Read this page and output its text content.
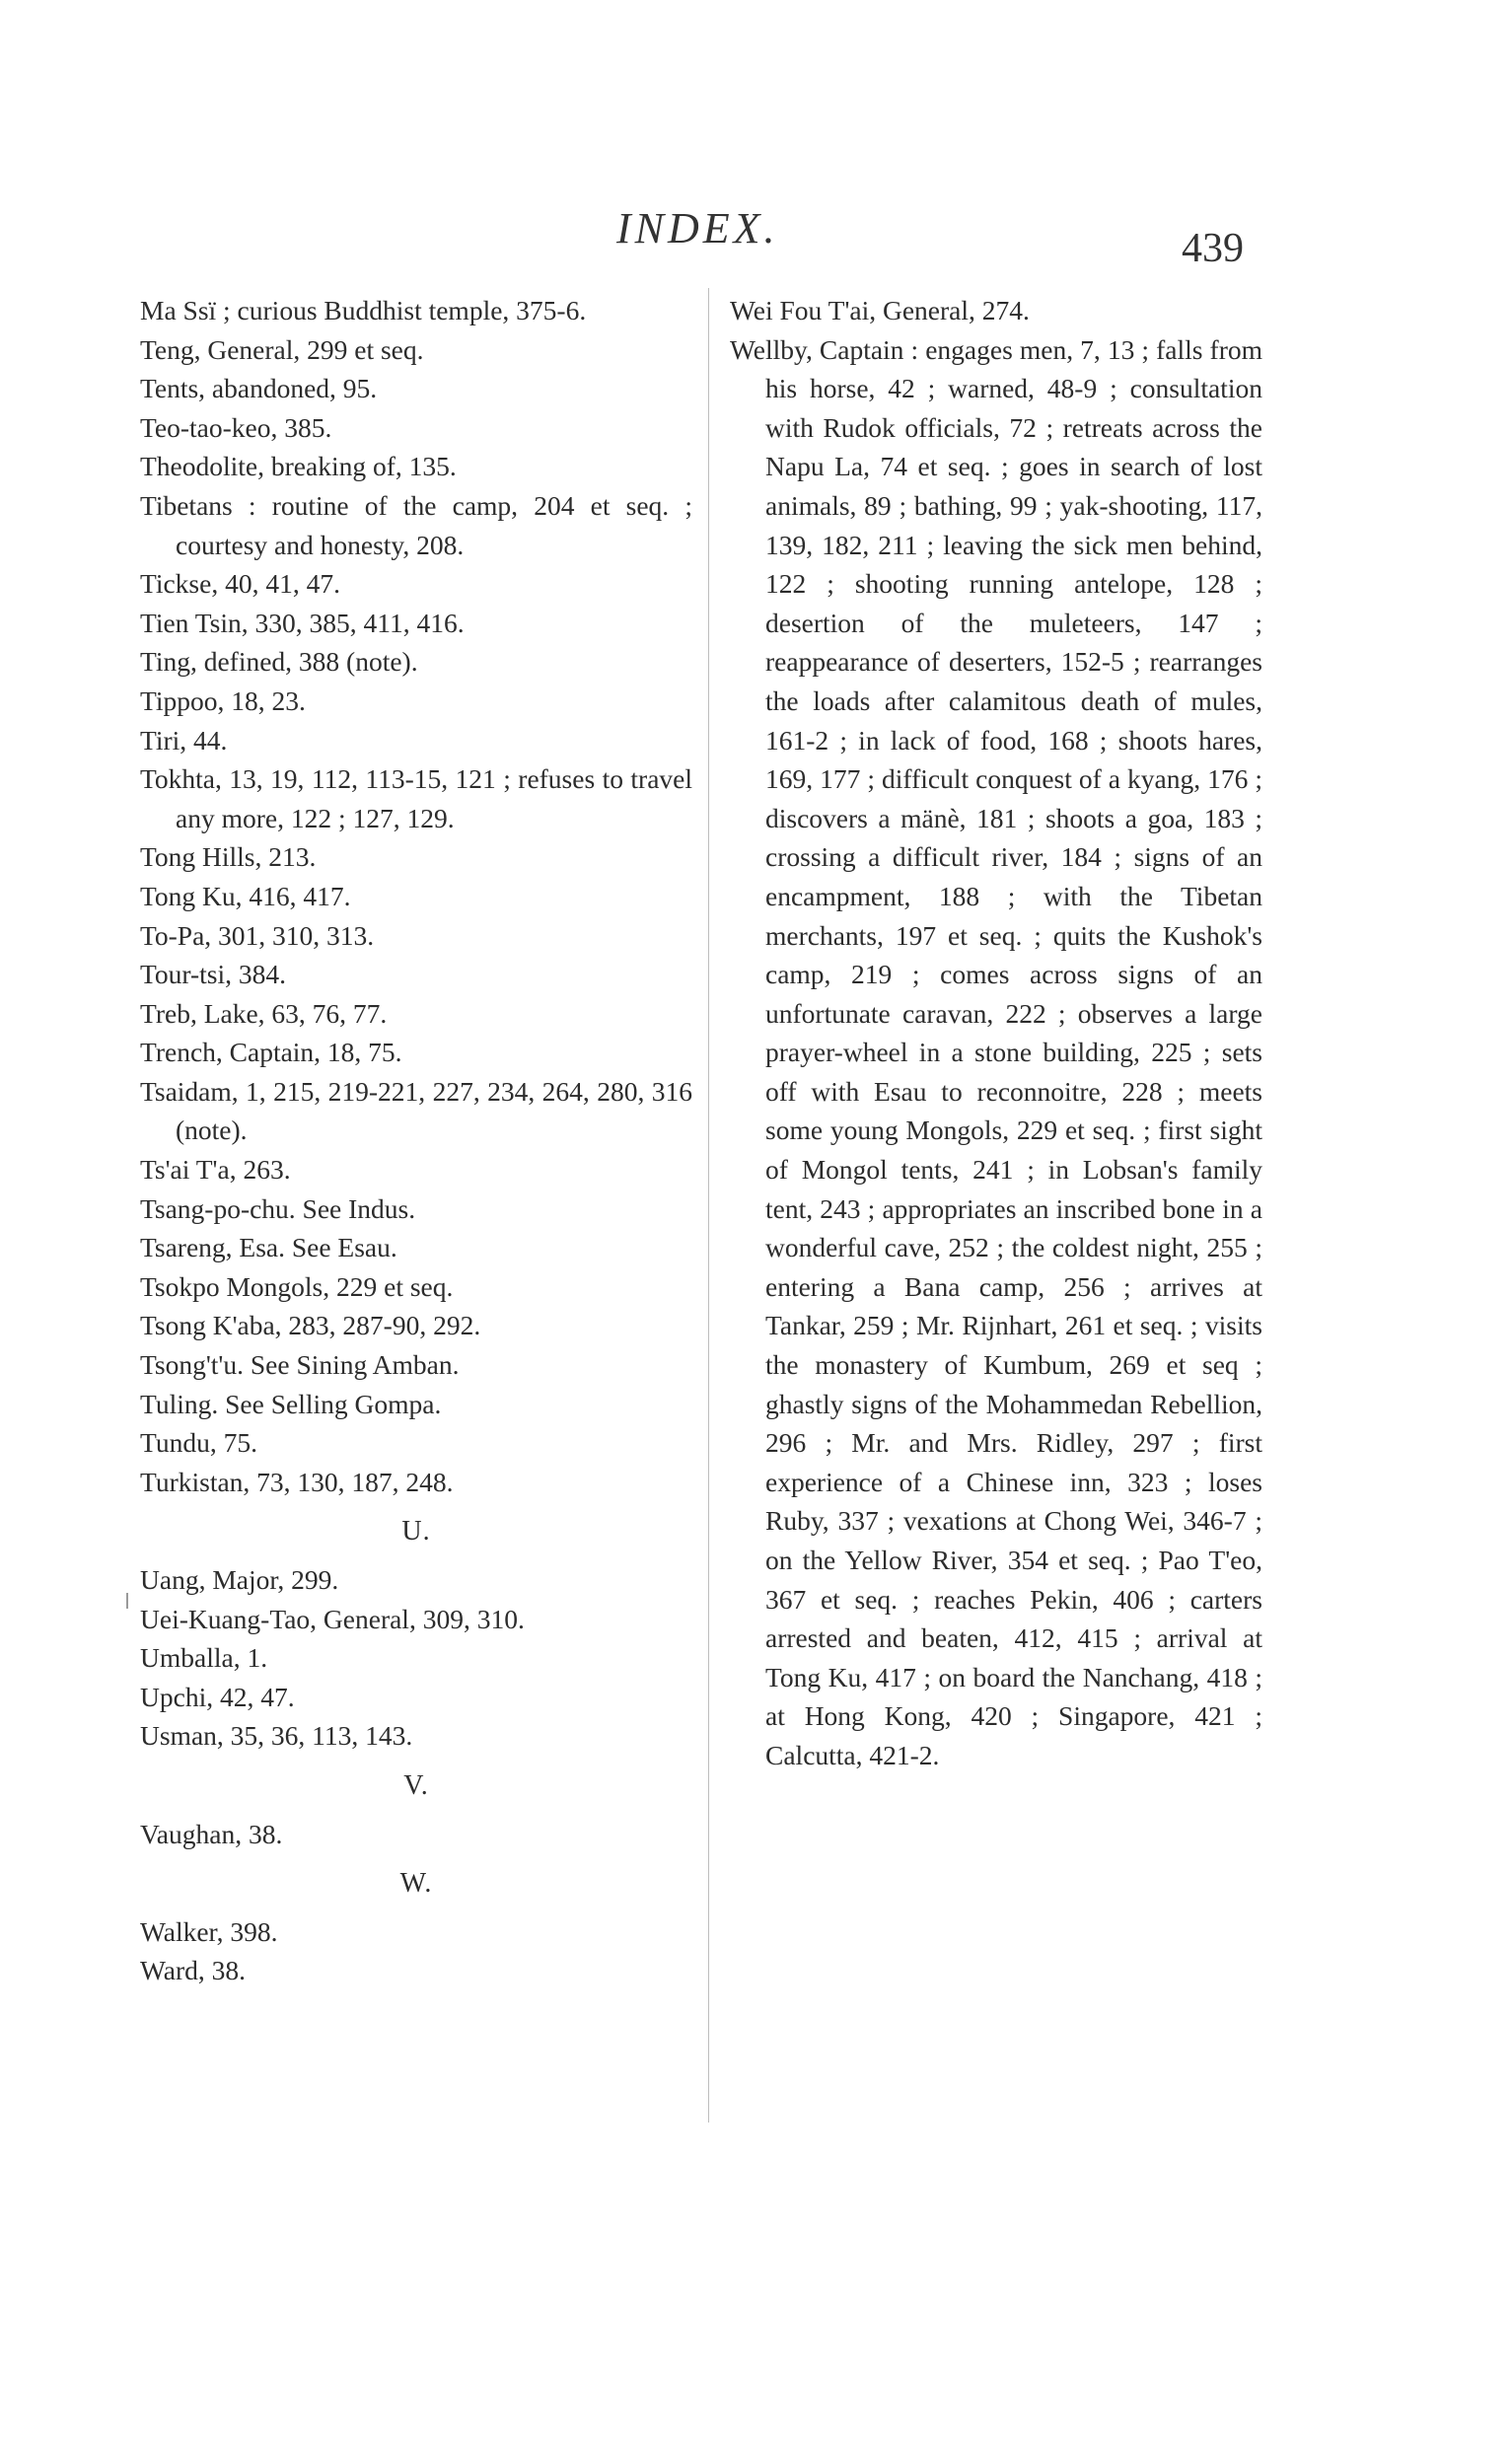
INDEX.	439
Ma Ssï ; curious Buddhist temple, 375-6.
Teng, General, 299 et seq.
Tents, abandoned, 95.
Teo-tao-keo, 385.
Theodolite, breaking of, 135.
Tibetans : routine of the camp, 204 et seq. ; courtesy and honesty, 208.
Tickse, 40, 41, 47.
Tien Tsin, 330, 385, 411, 416.
Ting, defined, 388 (note).
Tippoo, 18, 23.
Tiri, 44.
Tokhta, 13, 19, 112, 113-15, 121 ; refuses to travel any more, 122 ; 127, 129.
Tong Hills, 213.
Tong Ku, 416, 417.
To-Pa, 301, 310, 313.
Tour-tsi, 384.
Treb, Lake, 63, 76, 77.
Trench, Captain, 18, 75.
Tsaidam, 1, 215, 219-221, 227, 234, 264, 280, 316 (note).
Ts'ai T'a, 263.
Tsang-po-chu. See Indus.
Tsareng, Esa. See Esau.
Tsokpo Mongols, 229 et seq.
Tsong K'aba, 283, 287-90, 292.
Tsong't'u. See Sining Amban.
Tuling. See Selling Gompa.
Tundu, 75.
Turkistan, 73, 130, 187, 248.
U.
Uang, Major, 299.
Uei-Kuang-Tao, General, 309, 310.
Umballa, 1.
Upchi, 42, 47.
Usman, 35, 36, 113, 143.
V.
Vaughan, 38.
W.
Walker, 398.
Ward, 38.
Wei Fou T'ai, General, 274.
Wellby, Captain : engages men, 7, 13 ; falls from his horse, 42 ; warned, 48-9 ; consultation with Rudok officials, 72 ; retreats across the Napu La, 74 et seq. ; goes in search of lost animals, 89 ; bathing, 99 ; yak-shooting, 117, 139, 182, 211 ; leaving the sick men behind, 122 ; shooting running antelope, 128 ; desertion of the muleteers, 147 ; reappearance of deserters, 152-5 ; rearranges the loads after calamitous death of mules, 161-2 ; in lack of food, 168 ; shoots hares, 169, 177 ; difficult conquest of a kyang, 176 ; discovers a mänè, 181 ; shoots a goa, 183 ; crossing a difficult river, 184 ; signs of an encampment, 188 ; with the Tibetan merchants, 197 et seq. ; quits the Kushok's camp, 219 ; comes across signs of an unfortunate caravan, 222 ; observes a large prayer-wheel in a stone building, 225 ; sets off with Esau to reconnoitre, 228 ; meets some young Mongols, 229 et seq. ; first sight of Mongol tents, 241 ; in Lobsan's family tent, 243 ; appropriates an inscribed bone in a wonderful cave, 252 ; the coldest night, 255 ; entering a Bana camp, 256 ; arrives at Tankar, 259 ; Mr. Rijnhart, 261 et seq. ; visits the monastery of Kumbum, 269 et seq ; ghastly signs of the Mohammedan Rebellion, 296 ; Mr. and Mrs. Ridley, 297 ; first experience of a Chinese inn, 323 ; loses Ruby, 337 ; vexations at Chong Wei, 346-7 ; on the Yellow River, 354 et seq. ; Pao T'eo, 367 et seq. ; reaches Pekin, 406 ; carters arrested and beaten, 412, 415 ; arrival at Tong Ku, 417 ; on board the Nanchang, 418 ; at Hong Kong, 420 ; Singapore, 421 ; Calcutta, 421-2.
